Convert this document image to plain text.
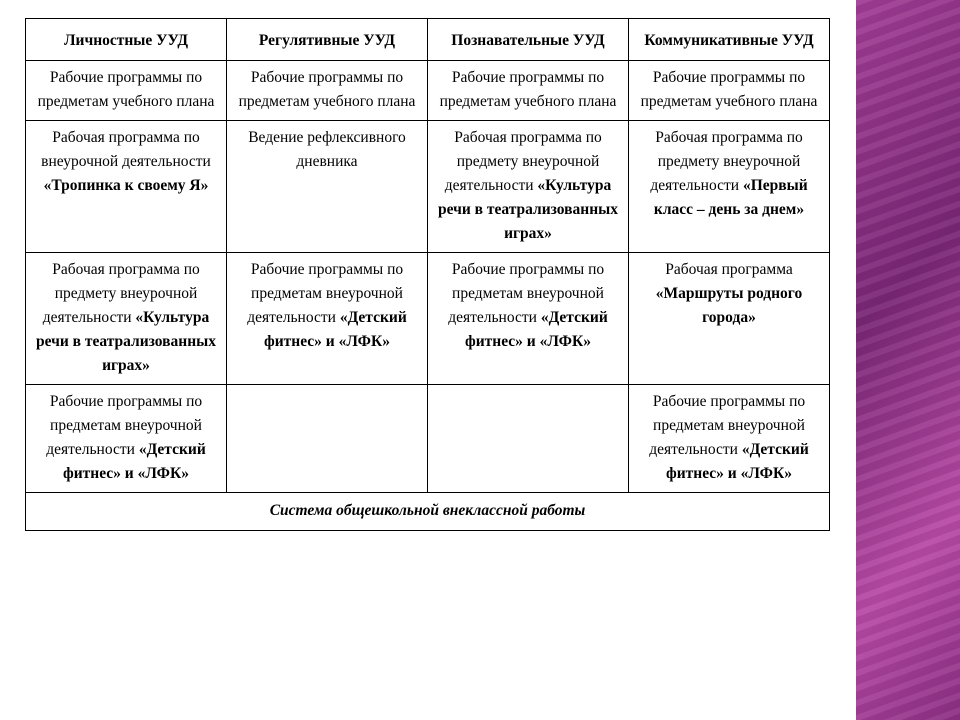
Личностные УУД	Регулятивные УУД	Познавательные УУД	Коммуникативные УУД
Рабочие программы по предметам учебного плана	Рабочие программы по предметам учебного плана	Рабочие программы по предметам учебного плана	Рабочие программы по предметам учебного плана
Рабочая программа по внеурочной деятельности «Тропинка к своему Я»	Ведение рефлексивного дневника	Рабочая программа по предмету внеурочной деятельности «Культура речи в театрализованных играх»	Рабочая программа по предмету внеурочной деятельности «Первый класс – день за днем»
Рабочая программа по предмету внеурочной деятельности «Культура речи в театрализованных играх»	Рабочие программы по предметам внеурочной деятельности «Детский фитнес» и «ЛФК»	Рабочие программы по предметам внеурочной деятельности «Детский фитнес» и «ЛФК»	Рабочая программа «Маршруты родного города»
Рабочие программы по предметам внеурочной деятельности «Детский фитнес» и «ЛФК»			Рабочие программы по предметам внеурочной деятельности «Детский фитнес» и «ЛФК»
Система общешкольной внеклассной работы			
